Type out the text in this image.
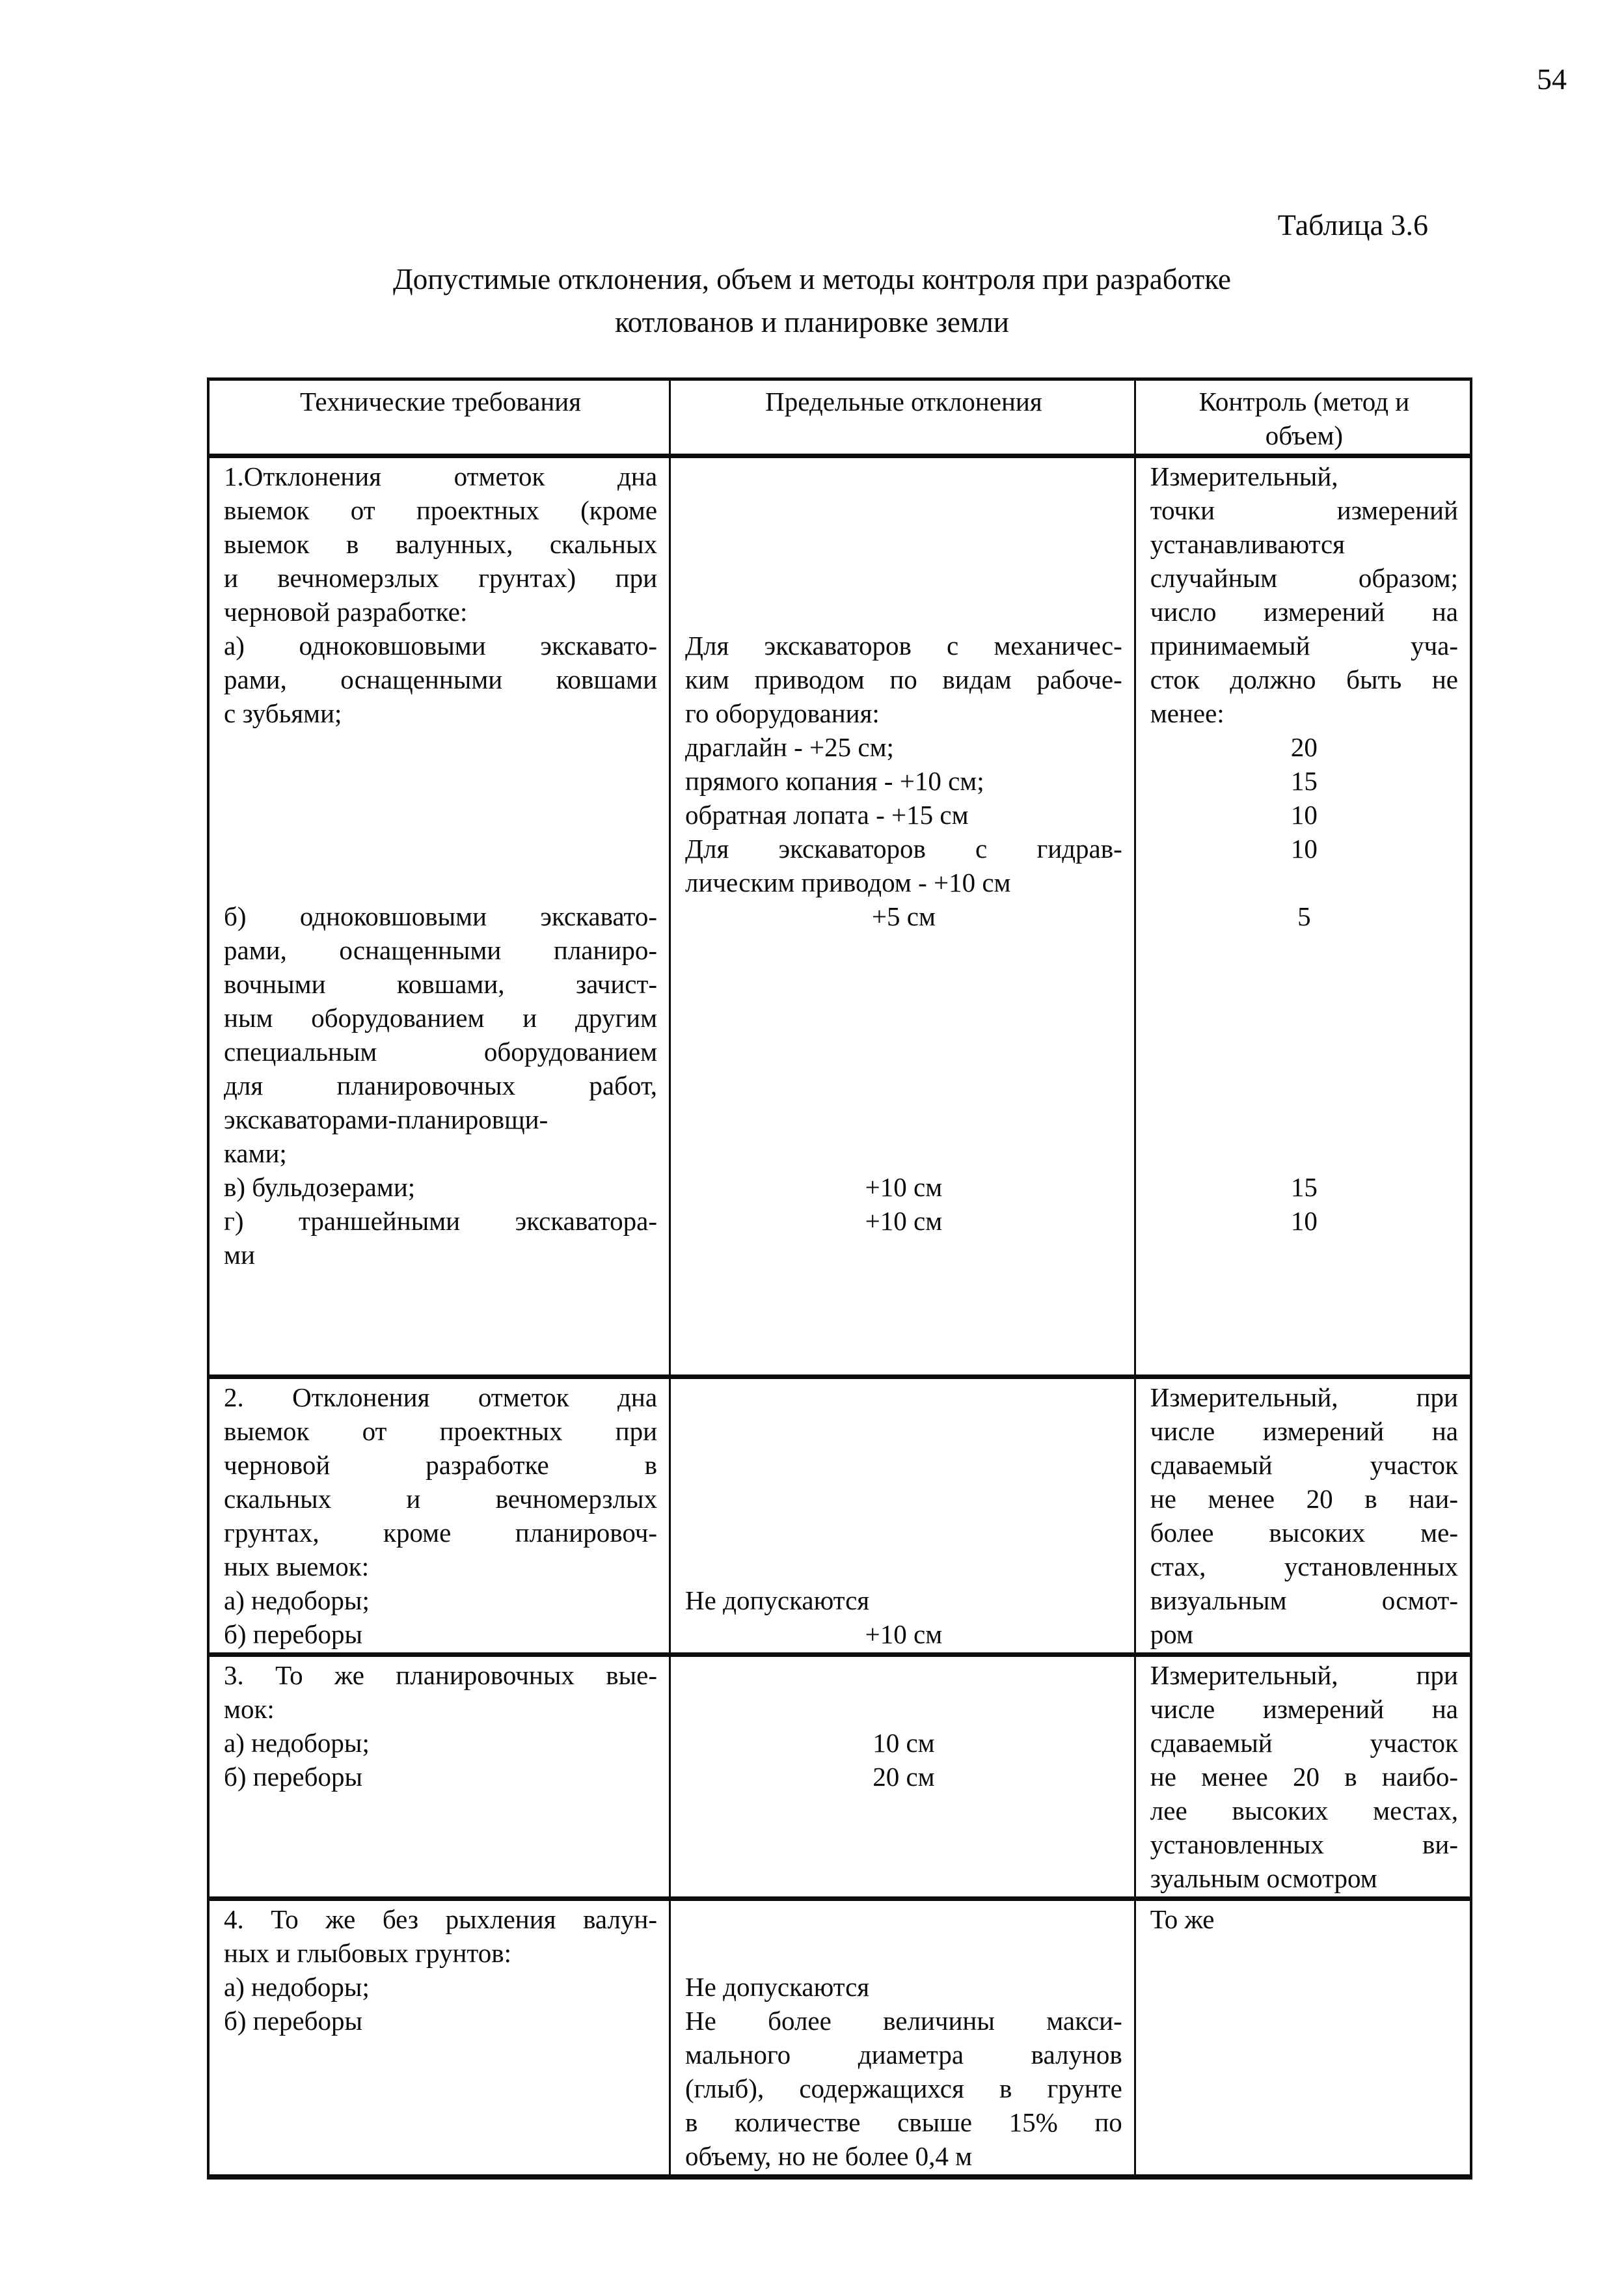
54
Таблица 3.6
Допустимые отклонения, объем и методы контроля при разработке
котлованов и планировке земли
Технические требования	Предельные отклонения	Контроль (метод и
объем)
1.Отклонения отметок дна
выемок от проектных (кроме
выемок в валунных, скальных
и вечномерзлых грунтах) при
черновой разработке:
а) одноковшовыми экскавато-
рами, оснащенными ковшами
с зубьями;

б) одноковшовыми экскавато-
рами, оснащенными планиро-
вочными ковшами, зачист-
ным оборудованием и другим
специальным оборудованием
для планировочных работ,
экскаваторами-планировщи-
ками;
в) бульдозерами;
г) траншейными экскаватора-
ми

Для экскаваторов с механичес-
ким приводом по видам рабоче-
го оборудования:
драглайн - +25 см;
прямого копания - +10 см;
обратная лопата - +15 см
Для экскаваторов с гидрав-
лическим приводом - +10 см
+5 см

+10 см
+10 см
Измерительный,
точки измерений
устанавливаются
случайным образом;
число измерений на
принимаемый уча-
сток должно быть не
менее:
20
15
10
10

5

15
10
2. Отклонения отметок дна
выемок от проектных при
черновой разработке в
скальных и вечномерзлых
грунтах, кроме планировоч-
ных выемок:
а) недоборы;
б) переборы

Не допускаются
+10 см
Измерительный, при
числе измерений на
сдаваемый участок
не менее 20 в наи-
более высоких ме-
стах, установленных
визуальным осмот-
ром
3. То же планировочных вые-
мок:
а) недоборы;
б) переборы

10 см
20 см
Измерительный, при
числе измерений на
сдаваемый участок
не менее 20 в наибо-
лее высоких местах,
установленных ви-
зуальным осмотром
4. То же без рыхления валун-
ных и глыбовых грунтов:
а) недоборы;
б) переборы

Не допускаются
Не более величины макси-
мального диаметра валунов
(глыб), содержащихся в грунте
в количестве свыше 15% по
объему, но не более 0,4 м
То же
